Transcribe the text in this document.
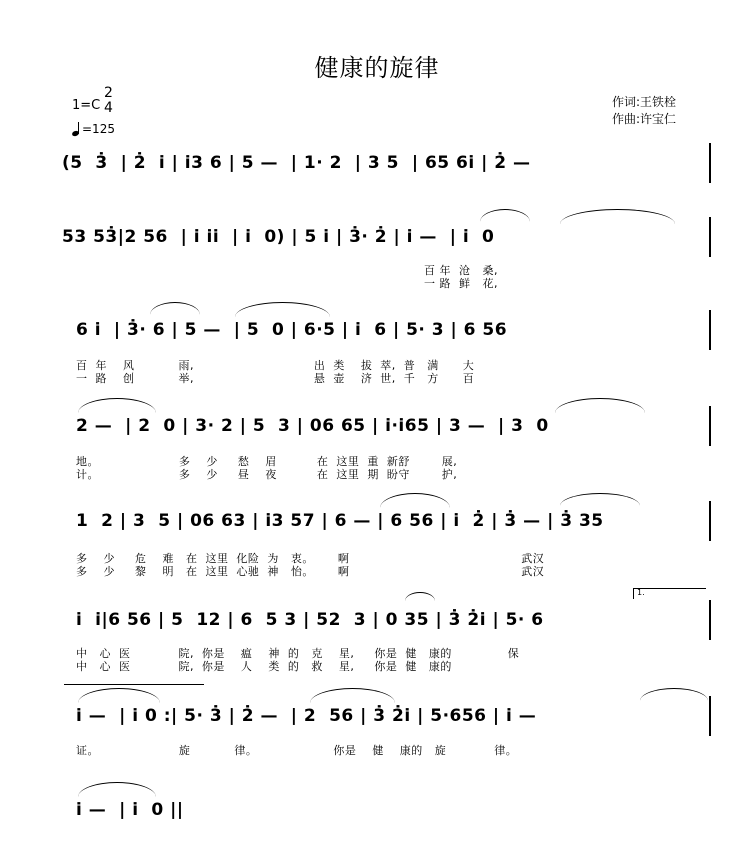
健康的旋律
1=C
2
4
=125
作词:王铁栓
作曲:许宝仁
(5  3̇  | 2̇  i̇ | i̇3 6 | 5 —  | 1· 2  | 3 5  | 65 6i̇ | 2̇ —
53 53̇|2 56  | i̇ i̇i̇  | i̇  0) | 5 i̇ | 3̇· 2̇ | i̇ —  | i̇  0
百 年  沧   桑,
一 路  鲜   花,
6 i̇  | 3̇· 6 | 5 —  | 5  0 | 6·5 | i̇  6 | 5· 3 | 6 56
百  年    风           雨,                              出  类    拔  萃,  普   满      大
一  路    创           举,                              悬  壶    济  世,  千   方      百
2 —  | 2  0 | 3· 2 | 5  3 | 06 65 | i̇·i̇65 | 3 —  | 3  0
地。                    多    少     愁    眉          在  这里  重  新舒        展,
计。                    多    少     昼    夜          在  这里  期  盼守        护,
1  2 | 3  5 | 06 63 | i̇3 57 | 6 — | 6 56 | i̇  2̇ | 3̇ — | 3̇ 35
多    少     危    难   在  这里  化险  为   衷。      啊                                           武汉
多    少     黎    明   在  这里  心驰  神   怡。      啊                                           武汉
1.
i̇  i̇|6 56 | 5  12 | 6  5 3 | 52  3 | 0 35 | 3̇ 2̇i̇ | 5· 6
中   心  医            院,  你是    瘟    神  的   克    星,     你是  健   康的              保
中   心  医            院,  你是    人    类  的   救    星,     你是  健   康的
i̇ —  | i̇ 0 :| 5· 3̇ | 2̇ —  | 2  56 | 3̇ 2̇i̇ | 5·656 | i̇ —
证。                    旋           律。                   你是    健    康的   旋            律。
i̇ —  | i̇  0 ||
